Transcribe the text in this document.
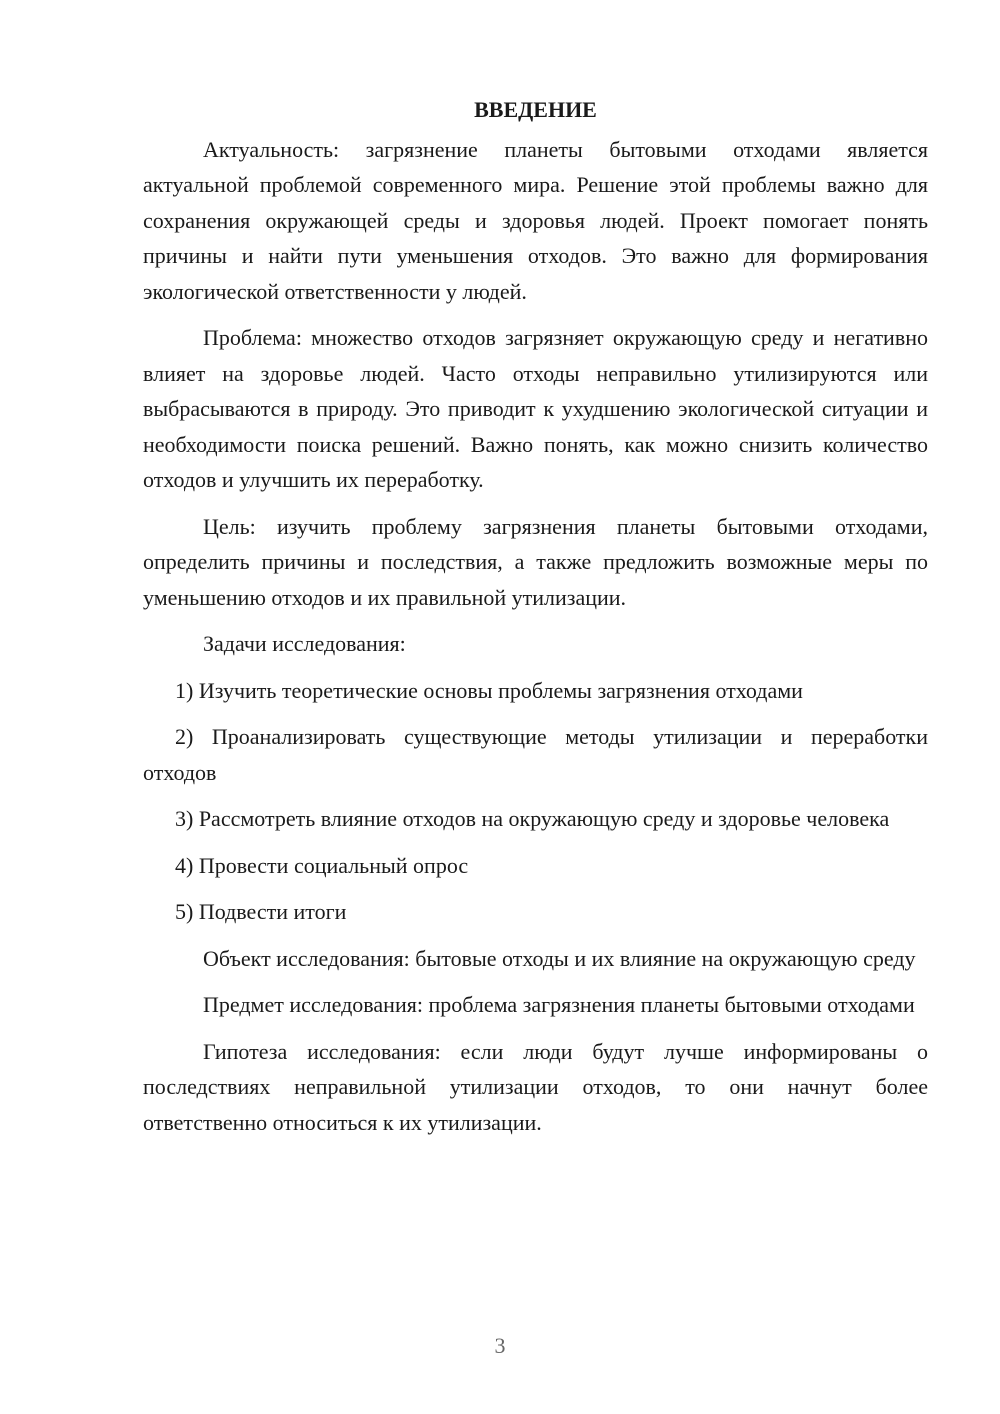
ВВЕДЕНИЕ

Актуальность: загрязнение планеты бытовыми отходами является актуальной проблемой современного мира. Решение этой проблемы важно для сохранения окружающей среды и здоровья людей. Проект помогает понять причины и найти пути уменьшения отходов. Это важно для формирования экологической ответственности у людей.

Проблема: множество отходов загрязняет окружающую среду и негативно влияет на здоровье людей. Часто отходы неправильно утилизируются или выбрасываются в природу. Это приводит к ухудшению экологической ситуации и необходимости поиска решений. Важно понять, как можно снизить количество отходов и улучшить их переработку.

Цель: изучить проблему загрязнения планеты бытовыми отходами, определить причины и последствия, а также предложить возможные меры по уменьшению отходов и их правильной утилизации.

Задачи исследования:

1) Изучить теоретические основы проблемы загрязнения отходами

2) Проанализировать существующие методы утилизации и переработки отходов

3) Рассмотреть влияние отходов на окружающую среду и здоровье человека

4) Провести социальный опрос

5) Подвести итоги

Объект исследования: бытовые отходы и их влияние на окружающую среду

Предмет исследования: проблема загрязнения планеты бытовыми отходами

Гипотеза исследования: если люди будут лучше информированы о последствиях неправильной утилизации отходов, то они начнут более ответственно относиться к их утилизации.

3
